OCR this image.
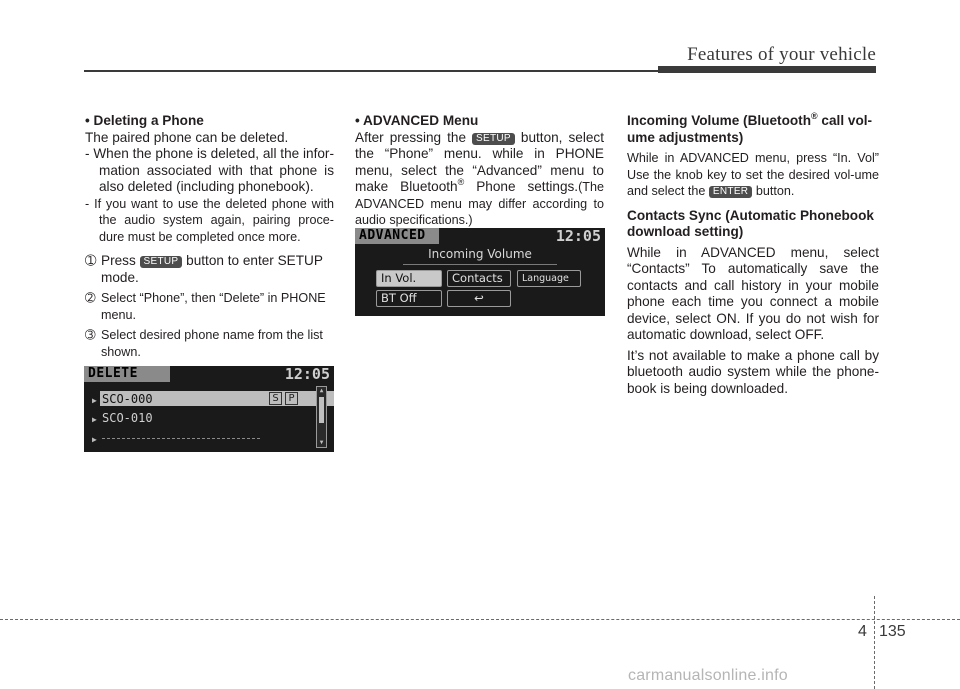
Features of your vehicle
• Deleting a Phone
The paired phone can be deleted.
- When the phone is deleted, all the infor-mation associated with that phone is also deleted (including phonebook).
- If you want to use the deleted phone with the audio system again, pairing proce-dure must be completed once more.
➀ Press SETUP button to enter SETUP mode.
➁ Select “Phone”, then “Delete” in PHONE menu.
➂ Select desired phone name from the list shown.
• ADVANCED Menu
After pressing the SETUP button, select the “Phone” menu. while in PHONE menu, select the “Advanced” menu to make Bluetooth® Phone settings.(The ADVANCED menu may differ according to audio specifications.)
Incoming Volume (Bluetooth® call vol-ume adjustments)
While in ADVANCED menu, press “In. Vol” Use the knob key to set the desired vol-ume and select the ENTER button.
Contacts Sync (Automatic Phonebook download setting)
While in ADVANCED menu, select “Contacts” To automatically save the contacts and call history in your mobile phone each time you connect a mobile device, select ON. If you do not wish for automatic download, select OFF.
It’s not available to make a phone call by bluetooth audio system while the phone-book is being downloaded.
ADVANCED	12:05
Incoming Volume
In Vol.	Contacts	Language
BT Off	↩
DELETE	12:05
▶ SCO-000	S P
▶ SCO-010
▶
▲
▼
4 135
carmanualsonline.info
